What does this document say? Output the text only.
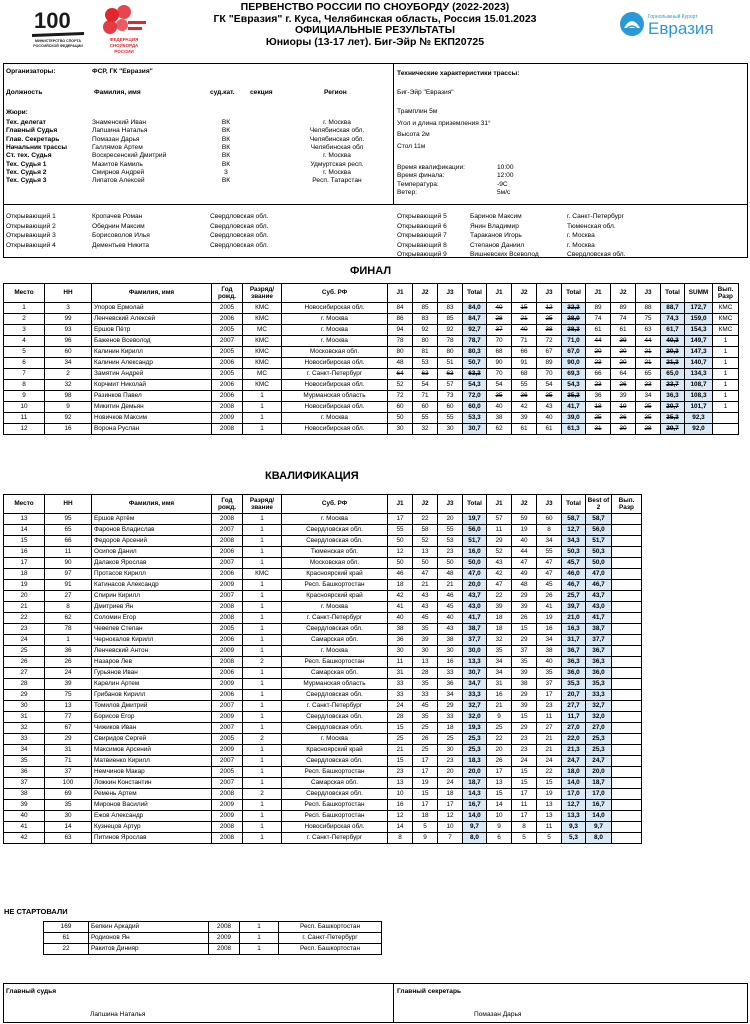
100
МИНИСТЕРСТВО СПОРТА
РОССИЙСКОЙ ФЕДЕРАЦИИ
ФЕДЕРАЦИЯ
СНОУБОРДА
РОССИИ
ПЕРВЕНСТВО РОССИИ ПО СНОУБОРДУ (2022-2023)
ГК "Евразия" г. Куса, Челябинская область, Россия 15.01.2023
ОФИЦИАЛЬНЫЕ РЕЗУЛЬТАТЫ
Юниоры (13-17 лет). Биг-Эйр № ЕКП20725
Горнолыжный Курорт
Евразия
Организаторы:	ФСР, ГК "Евразия"
Должность	Фамилия, имя	суд.кат. секция	Регион
Жюри:
Тех. делегат	Знаменский Иван	ВК	г. Москва
Главный Судья	Лапшина Наталья	ВК	Челябинская обл.
Глав. Секретарь	Помазан Дарья	ВК	Челябинская обл.
Начальник трассы	Галлямов Артем	ВК	Челябинская обл
Ст. тех. Судья	Воскресенский Дмитрий	ВК	г. Москва
Тех. Судья 1	Мазитов Камиль	ВК	Удмуртская респ.
Тех. Судья 2	Смирнов Андрей	3	г. Москва
Тех. Судья 3	Липатов Алексей	ВК	Респ. Татарстан
Технические характеристики трассы:
Биг-Эйр "Евразия"
Трамплин 5м
Угол и длина приземления 31°
Высота 2м
Стол 11м
Время квалификации:	10:00
Время финала:	12:00
Температура:	-9С
Ветер:	5м/с
Открывающий 1	Кропачев Роман	Свердловская обл.
Открывающий 2	Обеднин Максим	Свердловская обл.
Открывающий 3	Борисоволов Илья	Свердловская обл.
Открывающий 4	Дементьев Никита	Свердловская обл.
Открывающий 5	Баринов Максим	г. Санкт-Петербург
Открывающий 6	Янин Владимир	Тюменская обл.
Открывающий 7	Тараканов Игорь	г. Москва
Открывающий 8	Степанов Даниил	г. Москва
Открывающий 9	Вишневских Всеволод	Свердловская обл.
ФИНАЛ
Место	НН	Фамилия, имя	Год рожд.	Разряд/ звание	Суб. РФ	J1	J2	J3	Total	J1	J2	J3	Total	J1	J2	J3	Total	SUMM	Вып. Разр
1	3	Упоров Ермолай	2005	КМС	Новосибирская обл.	84	85	83	84,0	40	15	12	32,3	89	89	88	88,7	172,7	КМС
2	99	Ленчевский Алексей	2006	КМС	г. Москва	86	83	85	84,7	28	21	25	28,0	74	74	75	74,3	159,0	КМС
3	93	Ершов Пётр	2005	МС	г. Москва	94	92	92	92,7	37	40	38	38,3	61	61	63	61,7	154,3	КМС
4	96	Баженов Всеволод	2007	КМС	г. Москва	78	80	78	78,7	70	71	72	71,0	44	39	44	40,3	149,7	1
5	60	Калинин Кирилл	2005	КМС	Московская обл.	80	81	80	80,3	68	66	67	67,0	20	20	21	20,3	147,3	1
6	34	Калинин Александр	2006	КМС	Новосибирская обл.	48	53	51	50,7	90	91	89	90,0	23	20	21	21,3	140,7	1
7	2	Замятин Андрей	2005	МС	г. Санкт-Петербург	64	63	63	63,3	70	68	70	69,3	66	64	65	65,0	134,3	1
8	32	Корчмит Николай	2006	КМС	Новосибирская обл.	52	54	57	54,3	54	55	54	54,3	23	26	23	23,7	108,7	1
9	98	Разинков Павел	2006	1	Мурманская область	72	71	73	72,0	35	36	35	35,3	36	39	34	36,3	108,3	1
10	9	Микитин Демьян	2008	1	Новосибирская обл.	60	60	60	60,0	40	42	43	41,7	18	19	25	20,7	101,7	1
11	92	Новичков Максим	2009	1	г. Москва	50	55	55	53,3	38	39	40	39,0	25	36	35	35,3	92,3	
12	16	Ворона Руслан	2008	1	Новосибирская обл.	30	32	30	30,7	62	61	61	61,3	31	30	28	29,7	92,0	
КВАЛИФИКАЦИЯ
Место	НН	Фамилия, имя	Год рожд.	Разряд/ звание	Суб. РФ	J1	J2	J3	Total	J1	J2	J3	Total	Best of 2	Вып. Разр
13	95	Ершов Артём	2008	1	г. Москва	17	22	20	19,7	57	59	60	58,7	58,7	
14	65	Фаронов Владислав	2007	1	Свердловская обл.	55	58	55	56,0	11	19	8	12,7	56,0	
15	66	Федоров Арсений	2008	1	Свердловская обл.	50	52	53	51,7	29	40	34	34,3	51,7	
16	11	Осипов Данил	2006	1	Тюменская обл.	12	13	23	16,0	52	44	55	50,3	50,3	
17	90	Далаков Ярослав	2007	1	Московская обл.	50	50	50	50,0	43	47	47	45,7	50,0	
18	97	Протасов Кирилл	2006	КМС	Красноярский край	46	47	48	47,0	42	49	47	46,0	47,0	
19	91	Катинасов Александр	2009	1	Респ. Башкортостан	18	21	21	20,0	47	48	45	46,7	46,7	
20	27	Спирин Кирилл	2007	1	Красноярский край	42	43	46	43,7	22	29	26	25,7	43,7	
21	8	Дмитриев Ян	2008	1	г. Москва	41	43	45	43,0	39	39	41	39,7	43,0	
22	62	Соломин Егор	2008	1	г. Санкт-Петербург	40	45	40	41,7	18	26	19	21,0	41,7	
23	78	Чевелев Степан	2005	1	Свердловская обл.	38	35	43	38,7	18	15	16	16,3	38,7	
24	1	Чернокалов Кирилл	2006	1	Самарская обл.	36	39	38	37,7	32	29	34	31,7	37,7	
25	36	Ленчевский Антон	2009	1	г. Москва	30	30	30	30,0	35	37	38	36,7	36,7	
26	26	Назаров Лев	2008	2	Респ. Башкортостан	11	13	16	13,3	34	35	40	36,3	36,3	
27	24	Гурьянов Иван	2006	1	Самарская обл.	31	28	33	30,7	34	39	35	36,0	36,0	
28	39	Карелин Артем	2009	1	Мурманская область	33	35	36	34,7	31	38	37	35,3	35,3	
29	75	Грибанов Кирилл	2006	1	Свердловская обл.	33	33	34	33,3	16	29	17	20,7	33,3	
30	13	Томилов Дмитрий	2007	1	г. Санкт-Петербург	24	45	29	32,7	21	39	23	27,7	32,7	
31	77	Борисов Егор	2009	1	Свердловская обл.	28	35	33	32,0	9	15	11	11,7	32,0	
32	67	Чижиков Иван	2007	1	Свердловская обл.	15	25	18	19,3	25	29	27	27,0	27,0	
33	29	Свиридов Сергей	2005	2	г. Москва	25	26	25	25,3	22	23	21	22,0	25,3	
34	31	Максимов Арсений	2009	1	Красноярский край	21	25	30	25,3	20	23	21	21,3	25,3	
35	71	Матвиенко Кирилл	2007	1	Свердловская обл.	15	17	23	18,3	26	24	24	24,7	24,7	
36	37	Немчинов Макар	2005	1	Респ. Башкортостан	23	17	20	20,0	17	15	22	18,0	20,0	
37	100	Ложкин Константин	2007	1	Самарская обл.	13	19	24	18,7	13	15	15	14,0	18,7	
38	69	Ремень Артем	2008	2	Свердловская обл.	10	15	18	14,3	15	17	19	17,0	17,0	
39	35	Миронов Василий	2009	1	Респ. Башкортостан	16	17	17	16,7	14	11	13	12,7	16,7	
40	30	Ежов Александр	2009	1	Респ. Башкортостан	12	18	12	14,0	10	17	13	13,3	14,0	
41	14	Кузнецов Артур	2008	1	Новосибирская обл.	14	5	10	9,7	9	8	11	9,3	9,7	
42	63	Питинов Ярослав	2008	1	г. Санкт-Петербург	8	9	7	8,0	6	5	5	5,3	8,0	
НЕ СТАРТОВАЛИ
169	Белкин Аркадий	2008	1	Респ. Башкортостан
61	Родионов Ян	2009	1	г. Санкт-Петербург
22	Ракитов Динияр	2008	1	Респ. Башкортостан
Главный судья
Лапшина Наталья
Главный секретарь
Помазан Дарья
